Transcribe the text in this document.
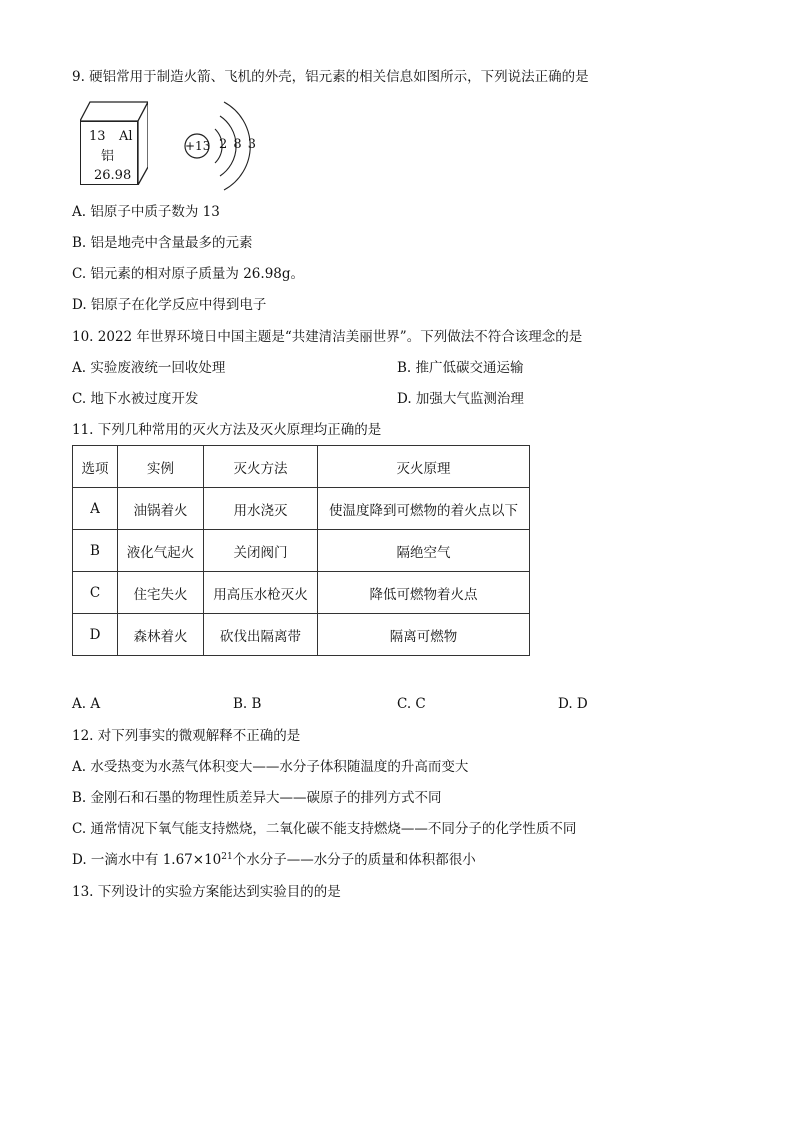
9. 硬铝常用于制造火箭、飞机的外壳，铝元素的相关信息如图所示，下列说法正确的是
13 Al
铝
26.98
+13 2 8 3
A. 铝原子中质子数为 13
B. 铝是地壳中含量最多的元素
C. 铝元素的相对原子质量为 26.98g。
D. 铝原子在化学反应中得到电子
10. 2022 年世界环境日中国主题是“共建清洁美丽世界”。下列做法不符合该理念的是
A. 实验废液统一回收处理	B. 推广低碳交通运输
C. 地下水被过度开发	D. 加强大气监测治理
11. 下列几种常用的灭火方法及灭火原理均正确的是
选项	实例	灭火方法	灭火原理
A	油锅着火	用水浇灭	使温度降到可燃物的着火点以下
B	液化气起火	关闭阀门	隔绝空气
C	住宅失火	用高压水枪灭火	降低可燃物着火点
D	森林着火	砍伐出隔离带	隔离可燃物
A. A	B. B	C. C	D. D
12. 对下列事实的微观解释不正确的是
A. 水受热变为水蒸气体积变大——水分子体积随温度的升高而变大
B. 金刚石和石墨的物理性质差异大——碳原子的排列方式不同
C. 通常情况下氧气能支持燃烧，二氧化碳不能支持燃烧——不同分子的化学性质不同
D. 一滴水中有 $1.67\times 10^{21}$个水分子——水分子的质量和体积都很小
13. 下列设计的实验方案能达到实验目的的是
